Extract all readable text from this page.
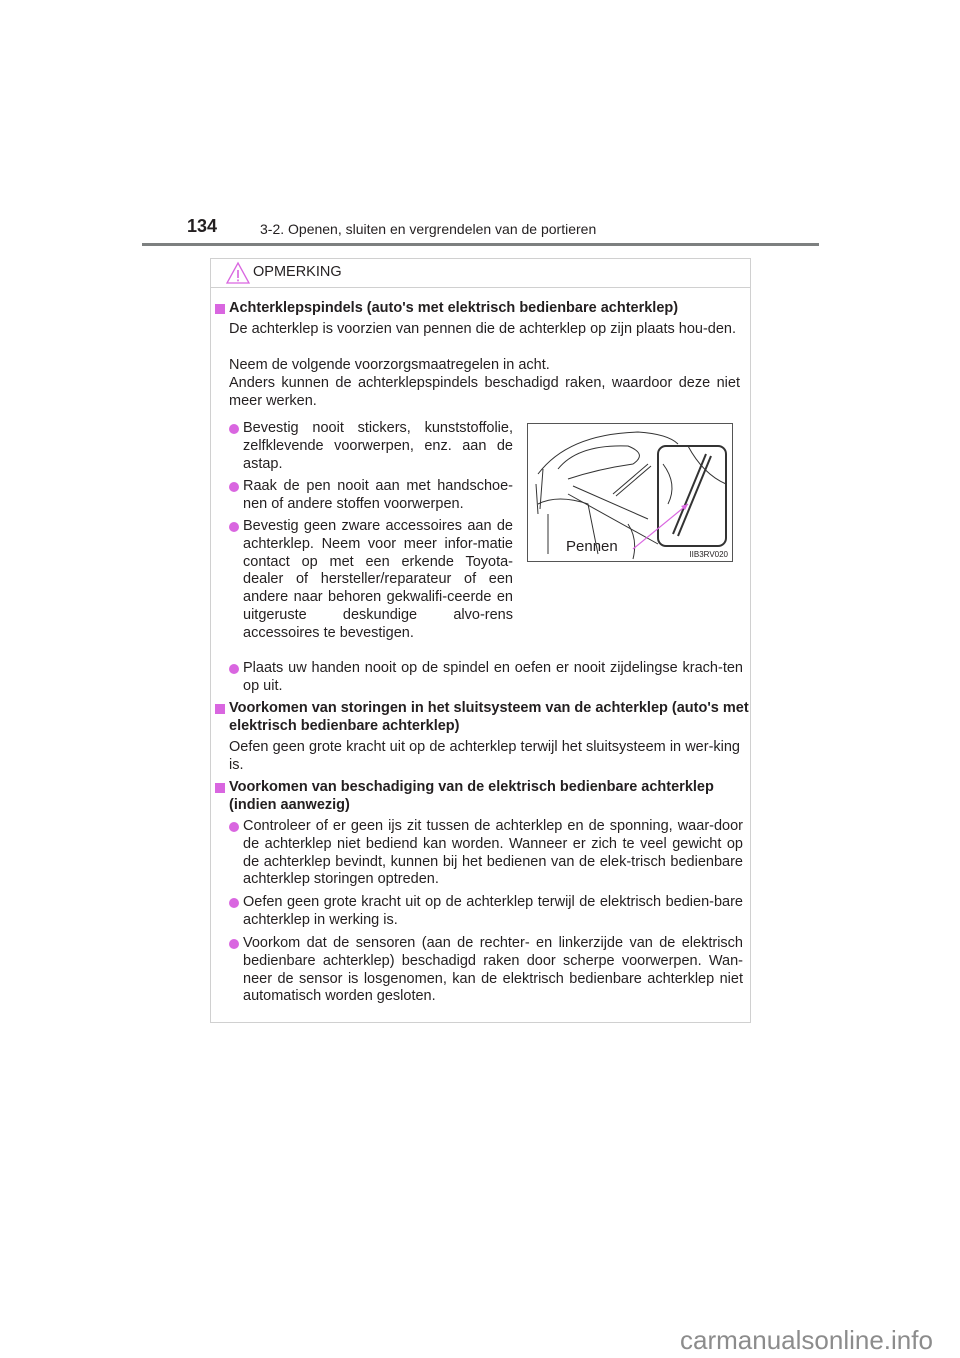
134	3-2. Openen, sluiten en vergrendelen van de portieren
OPMERKING
Achterklepspindels (auto's met elektrisch bedienbare achterklep)
De achterklep is voorzien van pennen die de achterklep op zijn plaats hou-den.
Neem de volgende voorzorgsmaatregelen in acht.
Anders kunnen de achterklepspindels beschadigd raken, waardoor deze niet meer werken.
Bevestig nooit stickers, kunststoffolie, zelfklevende voorwerpen, enz. aan de astap.
Raak de pen nooit aan met handschoe-nen of andere stoffen voorwerpen.
Bevestig geen zware accessoires aan de achterklep. Neem voor meer infor-matie contact op met een erkende Toyota-dealer of hersteller/reparateur of een andere naar behoren gekwalifi-ceerde en uitgeruste deskundige alvo-rens accessoires te bevestigen.
Pennen	IIB3RV020
Plaats uw handen nooit op de spindel en oefen er nooit zijdelingse krach-ten op uit.
Voorkomen van storingen in het sluitsysteem van de achterklep (auto's met elektrisch bedienbare achterklep)
Oefen geen grote kracht uit op de achterklep terwijl het sluitsysteem in wer-king is.
Voorkomen van beschadiging van de elektrisch bedienbare achterklep (indien aanwezig)
Controleer of er geen ijs zit tussen de achterklep en de sponning, waar-door de achterklep niet bediend kan worden. Wanneer er zich te veel gewicht op de achterklep bevindt, kunnen bij het bedienen van de elek-trisch bedienbare achterklep storingen optreden.
Oefen geen grote kracht uit op de achterklep terwijl de elektrisch bedien-bare achterklep in werking is.
Voorkom dat de sensoren (aan de rechter- en linkerzijde van de elektrisch bedienbare achterklep) beschadigd raken door scherpe voorwerpen. Wan-neer de sensor is losgenomen, kan de elektrisch bedienbare achterklep niet automatisch worden gesloten.
carmanualsonline.info
